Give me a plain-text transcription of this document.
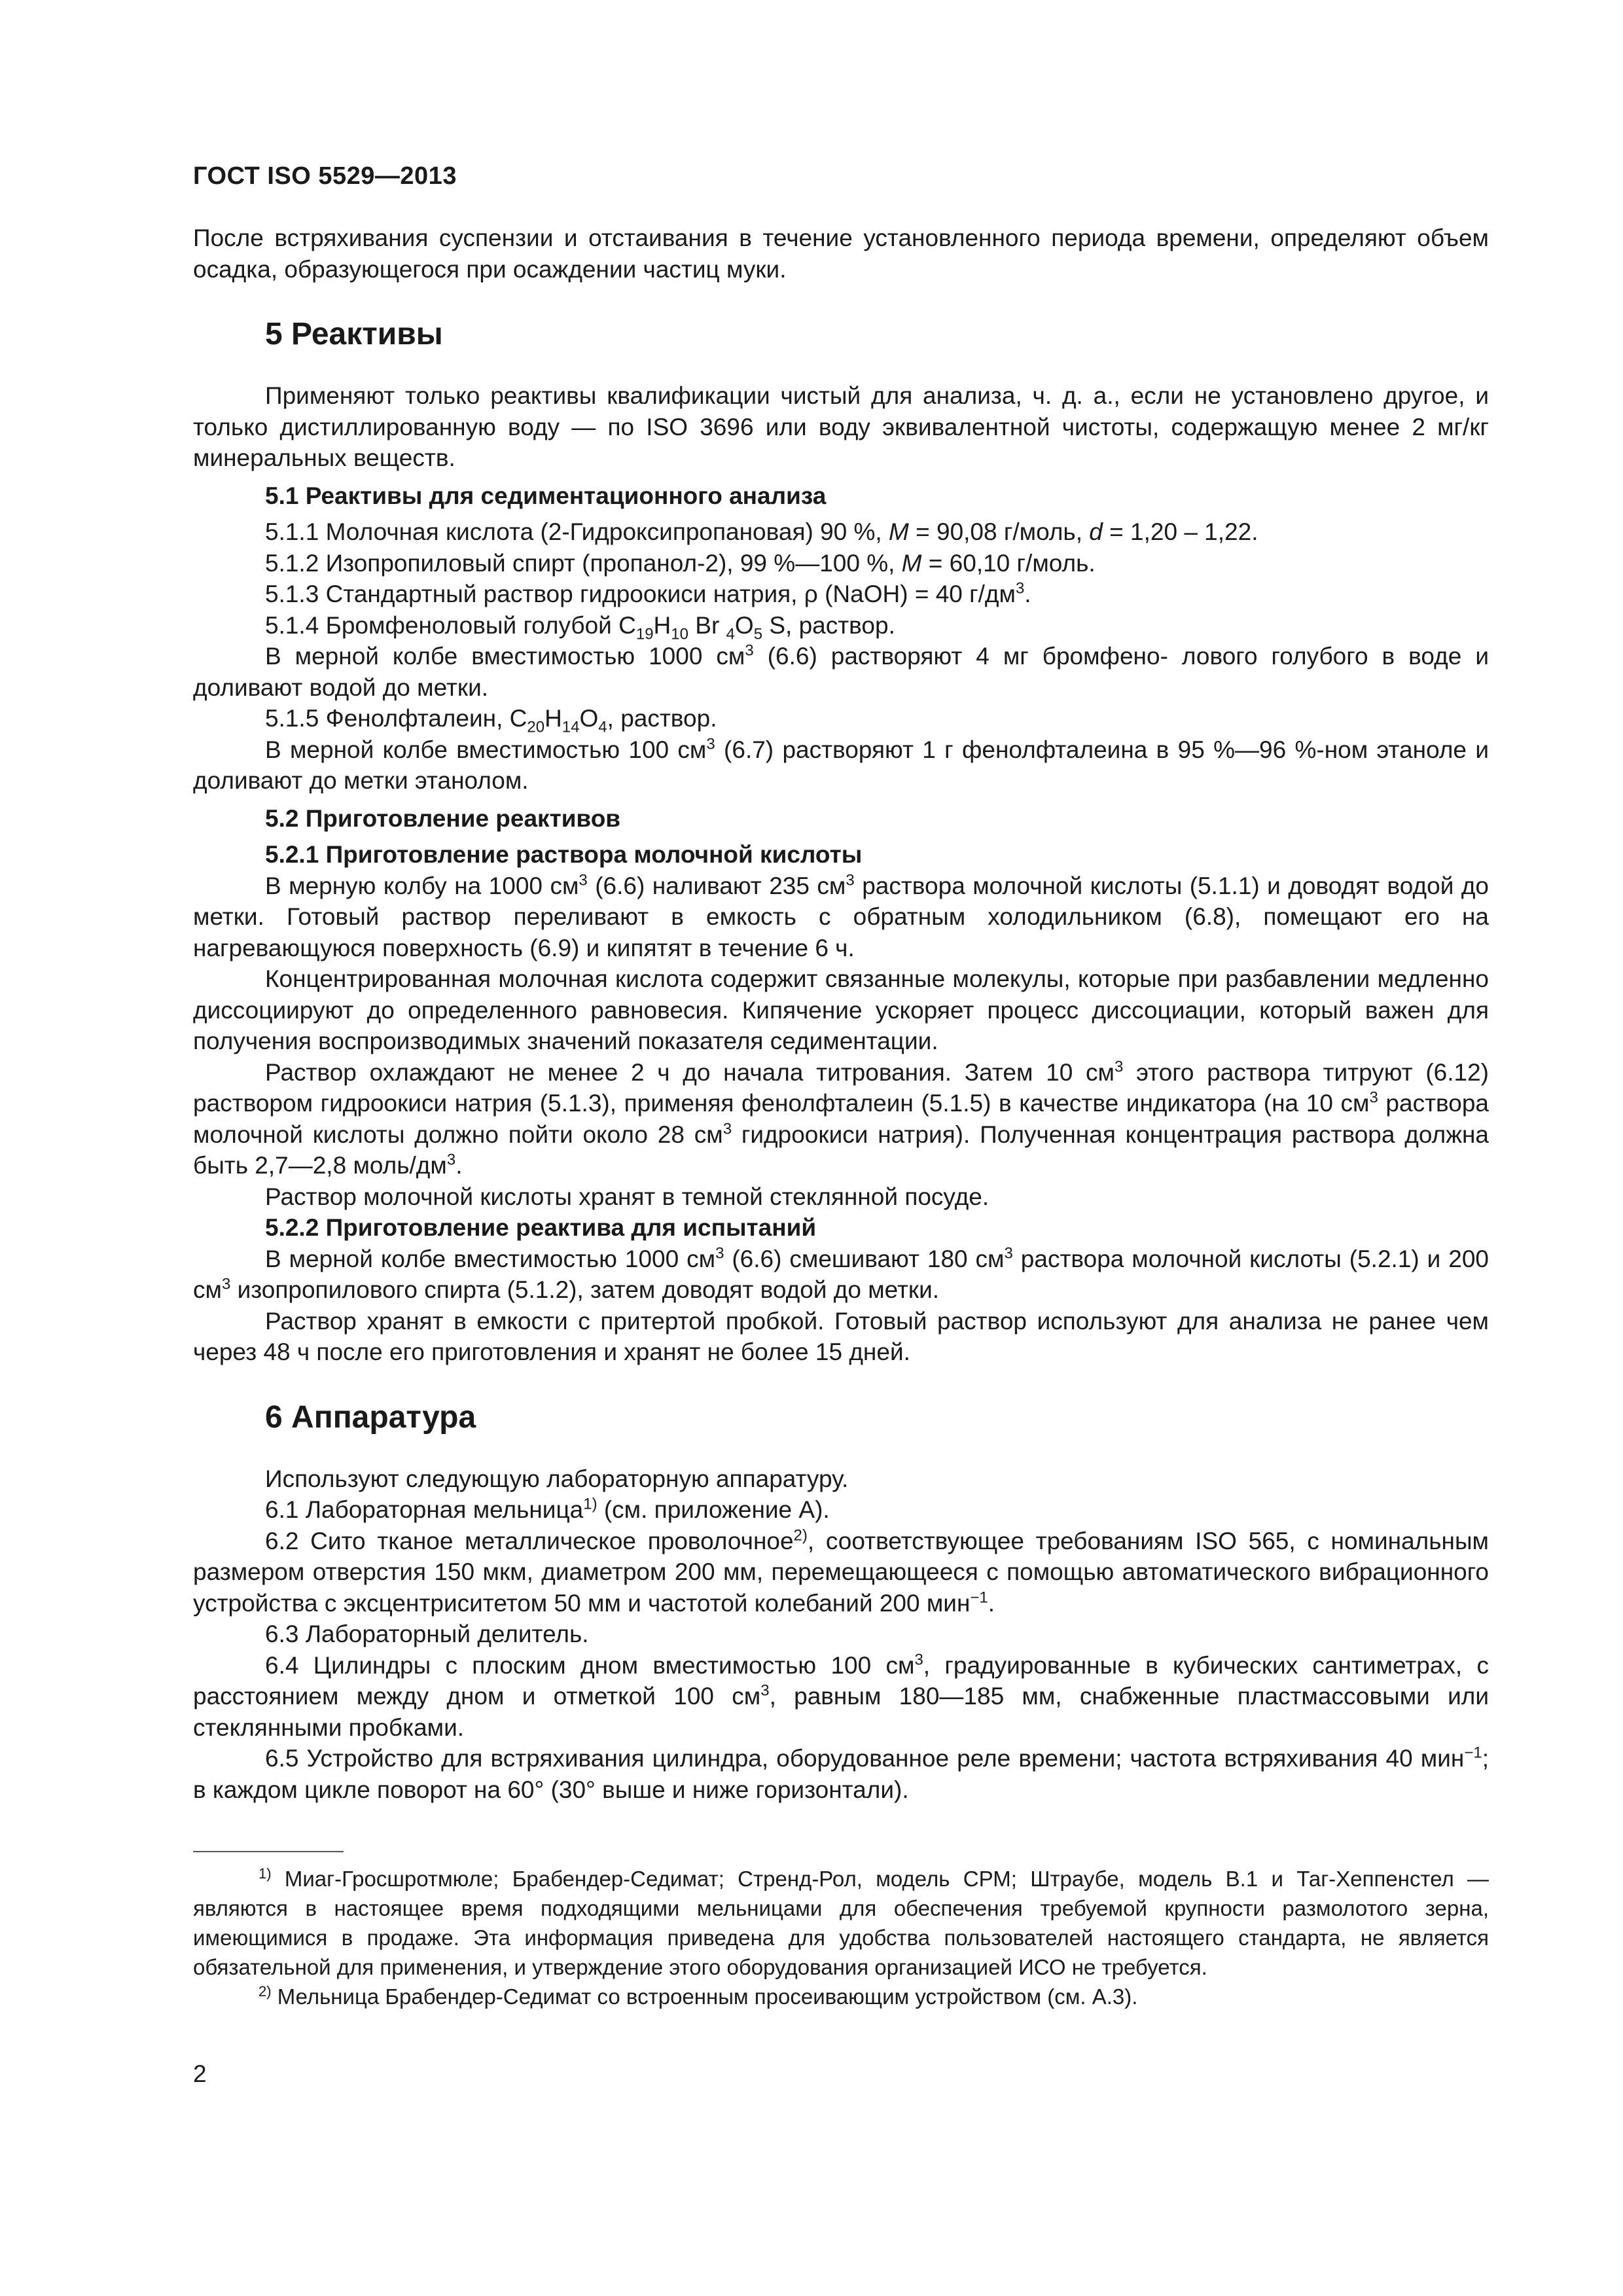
ГОСТ ISO 5529—2013

После встряхивания суспензии и отстаивания в течение установленного периода времени, определяют объем осадка, образующегося при осаждении частиц муки.

5 Реактивы

Применяют только реактивы квалификации чистый для анализа, ч. д. а., если не установлено другое, и только дистиллированную воду — по ISO 3696 или воду эквивалентной чистоты, содержащую менее 2 мг/кг минеральных веществ.

5.1 Реактивы для седиментационного анализа

5.1.1 Молочная кислота (2-Гидроксипропановая) 90 %, M = 90,08 г/моль, d = 1,20 – 1,22.

5.1.2 Изопропиловый спирт (пропанол-2), 99 %—100 %, M = 60,10 г/моль.

5.1.3 Стандартный раствор гидроокиси натрия, ρ (NaOH) = 40 $г/дм^3$.

5.1.4 Бромфеноловый голубой $C_{19}H_{10}$ Br $_4O_5$ S, раствор.

В мерной колбе вместимостью 1000 $см^3$ (6.6) растворяют 4 мг бромфено- лового голубого в воде и доливают водой до метки.

5.1.5 Фенолфталеин, $C_{20}H_{14}O_4$, раствор.

В мерной колбе вместимостью 100 $см^3$ (6.7) растворяют 1 г фенолфталеина в 95 %—96 %-ном этаноле и доливают до метки этанолом.

5.2 Приготовление реактивов

5.2.1 Приготовление раствора молочной кислоты

В мерную колбу на 1000 $см^3$ (6.6) наливают 235 $см^3$ раствора молочной кислоты (5.1.1) и доводят водой до метки. Готовый раствор переливают в емкость с обратным холодильником (6.8), помещают его на нагревающуюся поверхность (6.9) и кипятят в течение 6 ч.

Концентрированная молочная кислота содержит связанные молекулы, которые при разбавлении медленно диссоциируют до определенного равновесия. Кипячение ускоряет процесс диссоциации, который важен для получения воспроизводимых значений показателя седиментации.

Раствор охлаждают не менее 2 ч до начала титрования. Затем 10 $см^3$ этого раствора титруют (6.12) раствором гидроокиси натрия (5.1.3), применяя фенолфталеин (5.1.5) в качестве индикатора (на 10 $см^3$ раствора молочной кислоты должно пойти около 28 $см^3$ гидроокиси натрия). Полученная концентрация раствора должна быть 2,7—2,8 моль/$дм^3$.

Раствор молочной кислоты хранят в темной стеклянной посуде.

5.2.2 Приготовление реактива для испытаний

В мерной колбе вместимостью 1000 $см^3$ (6.6) смешивают 180 $см^3$ раствора молочной кислоты (5.2.1) и 200 $см^3$ изопропилового спирта (5.1.2), затем доводят водой до метки.

Раствор хранят в емкости с притертой пробкой. Готовый раствор используют для анализа не ранее чем через 48 ч после его приготовления и хранят не более 15 дней.

6 Аппаратура

Используют следующую лабораторную аппаратуру.

6.1 Лабораторная мельница$^{1)}$ (см. приложение А).

6.2 Сито тканое металлическое проволочное$^{2)}$, соответствующее требованиям ISO 565, с номинальным размером отверстия 150 мкм, диаметром 200 мм, перемещающееся с помощью автоматического вибрационного устройства с эксцентриситетом 50 мм и частотой колебаний 200 мин$^{-1}$.

6.3 Лабораторный делитель.

6.4 Цилиндры с плоским дном вместимостью 100 $см^3$, градуированные в кубических сантиметрах, с расстоянием между дном и отметкой 100 $см^3$, равным 180—185 мм, снабженные пластмассовыми или стеклянными пробками.

6.5 Устройство для встряхивания цилиндра, оборудованное реле времени; частота встряхивания 40 мин$^{-1}$; в каждом цикле поворот на 60° (30° выше и ниже горизонтали).

$^{1)}$ Миаг-Гросшротмюле; Брабендер-Седимат; Стренд-Рол, модель СРМ; Штраубе, модель В.1 и Таг-Хеппенстел — являются в настоящее время подходящими мельницами для обеспечения требуемой крупности размолотого зерна, имеющимися в продаже. Эта информация приведена для удобства пользователей настоящего стандарта, не является обязательной для применения, и утверждение этого оборудования организацией ИСО не требуется.

$^{2)}$ Мельница Брабендер-Седимат со встроенным просеивающим устройством (см. А.3).

2
